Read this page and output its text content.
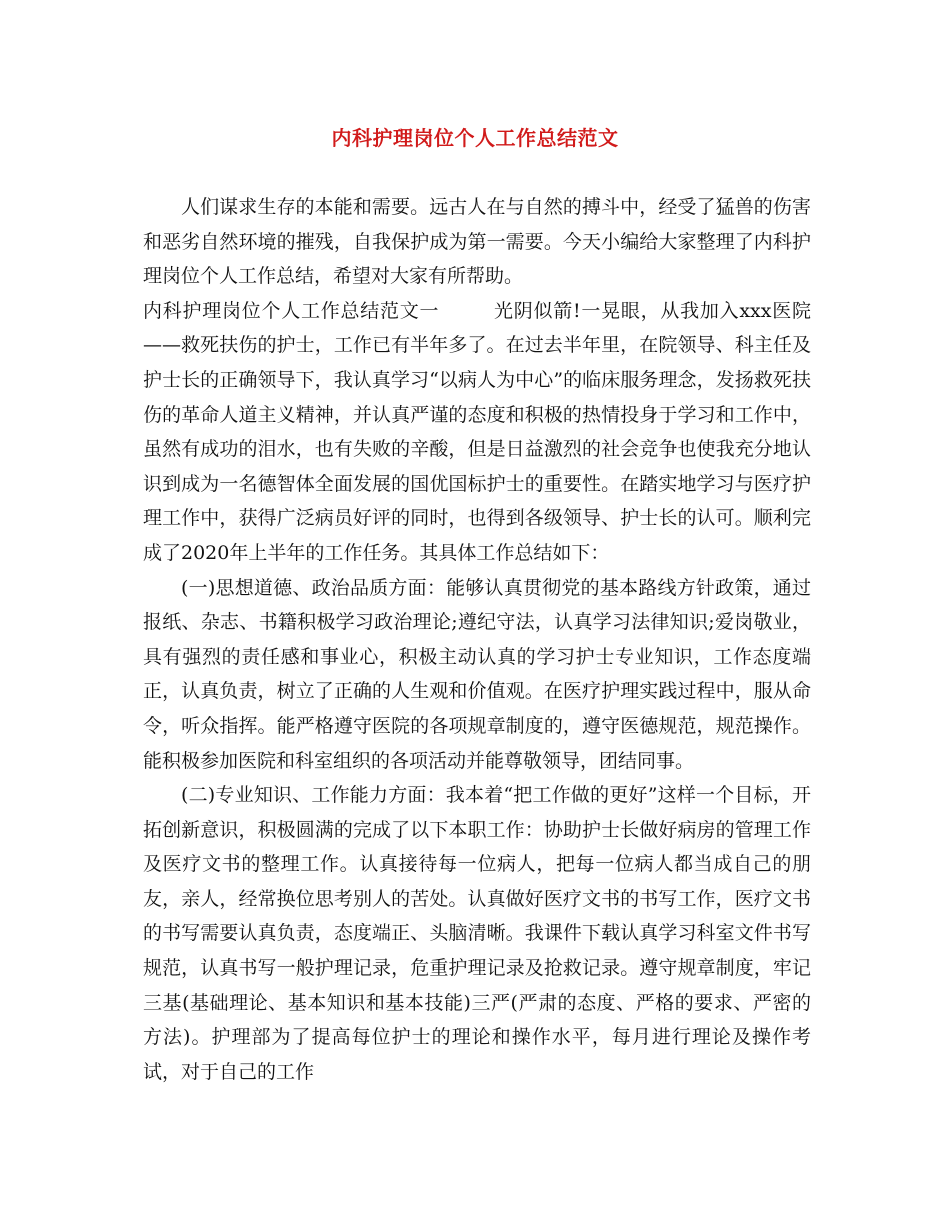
内科护理岗位个人工作总结范文

人们谋求生存的本能和需要。远古人在与自然的搏斗中，经受了猛兽的伤害和恶劣自然环境的摧残，自我保护成为第一需要。今天小编给大家整理了内科护理岗位个人工作总结，希望对大家有所帮助。

内科护理岗位个人工作总结范文一	光阴似箭!一晃眼，从我加入xxx医院——救死扶伤的护士，工作已有半年多了。在过去半年里，在院领导、科主任及护士长的正确领导下，我认真学习“以病人为中心”的临床服务理念，发扬救死扶伤的革命人道主义精神，并认真严谨的态度和积极的热情投身于学习和工作中，虽然有成功的泪水，也有失败的辛酸，但是日益激烈的社会竞争也使我充分地认识到成为一名德智体全面发展的国优国标护士的重要性。在踏实地学习与医疗护理工作中，获得广泛病员好评的同时，也得到各级领导、护士长的认可。顺利完成了2020年上半年的工作任务。其具体工作总结如下：

(一)思想道德、政治品质方面：能够认真贯彻党的基本路线方针政策，通过报纸、杂志、书籍积极学习政治理论;遵纪守法，认真学习法律知识;爱岗敬业，具有强烈的责任感和事业心，积极主动认真的学习护士专业知识，工作态度端正，认真负责，树立了正确的人生观和价值观。在医疗护理实践过程中，服从命令，听众指挥。能严格遵守医院的各项规章制度的，遵守医德规范，规范操作。能积极参加医院和科室组织的各项活动并能尊敬领导，团结同事。

(二)专业知识、工作能力方面：我本着“把工作做的更好”这样一个目标，开拓创新意识，积极圆满的完成了以下本职工作：协助护士长做好病房的管理工作及医疗文书的整理工作。认真接待每一位病人，把每一位病人都当成自己的朋友，亲人，经常换位思考别人的苦处。认真做好医疗文书的书写工作，医疗文书的书写需要认真负责，态度端正、头脑清晰。我课件下载认真学习科室文件书写规范，认真书写一般护理记录，危重护理记录及抢救记录。遵守规章制度，牢记三基(基础理论、基本知识和基本技能)三严(严肃的态度、严格的要求、严密的方法)。护理部为了提高每位护士的理论和操作水平，每月进行理论及操作考试，对于自己的工作
